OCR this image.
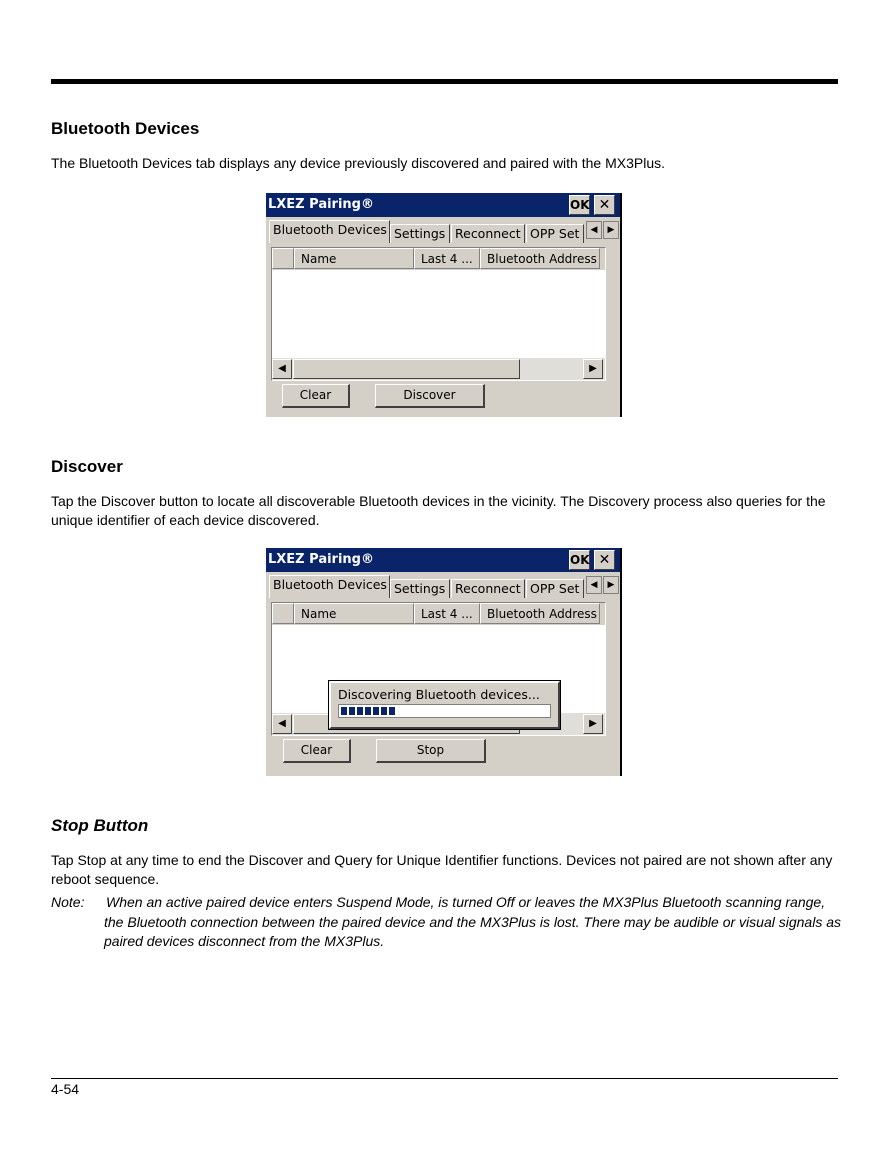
Bluetooth Devices
The Bluetooth Devices tab displays any device previously discovered and paired with the MX3Plus.
LXEZ Pairing®	OK ✕
Bluetooth Devices Settings Reconnect OPP Set	◀	▶
Name	Last 4 ...	Bluetooth Address
◀	▶
Clear	Discover
Discover
Tap the Discover button to locate all discoverable Bluetooth devices in the vicinity. The Discovery process also queries for the unique identifier of each device discovered.
LXEZ Pairing®	OK ✕
Bluetooth Devices Settings Reconnect OPP Set	◀	▶
Name	Last 4 ...	Bluetooth Address
◀	▶
Discovering Bluetooth devices...
Clear	Stop
Stop Button
Tap Stop at any time to end the Discover and Query for Unique Identifier functions. Devices not paired are not shown after any reboot sequence.
Note: When an active paired device enters Suspend Mode, is turned Off or leaves the MX3Plus Bluetooth scanning range, the Bluetooth connection between the paired device and the MX3Plus is lost. There may be audible or visual signals as paired devices disconnect from the MX3Plus.
4-54
